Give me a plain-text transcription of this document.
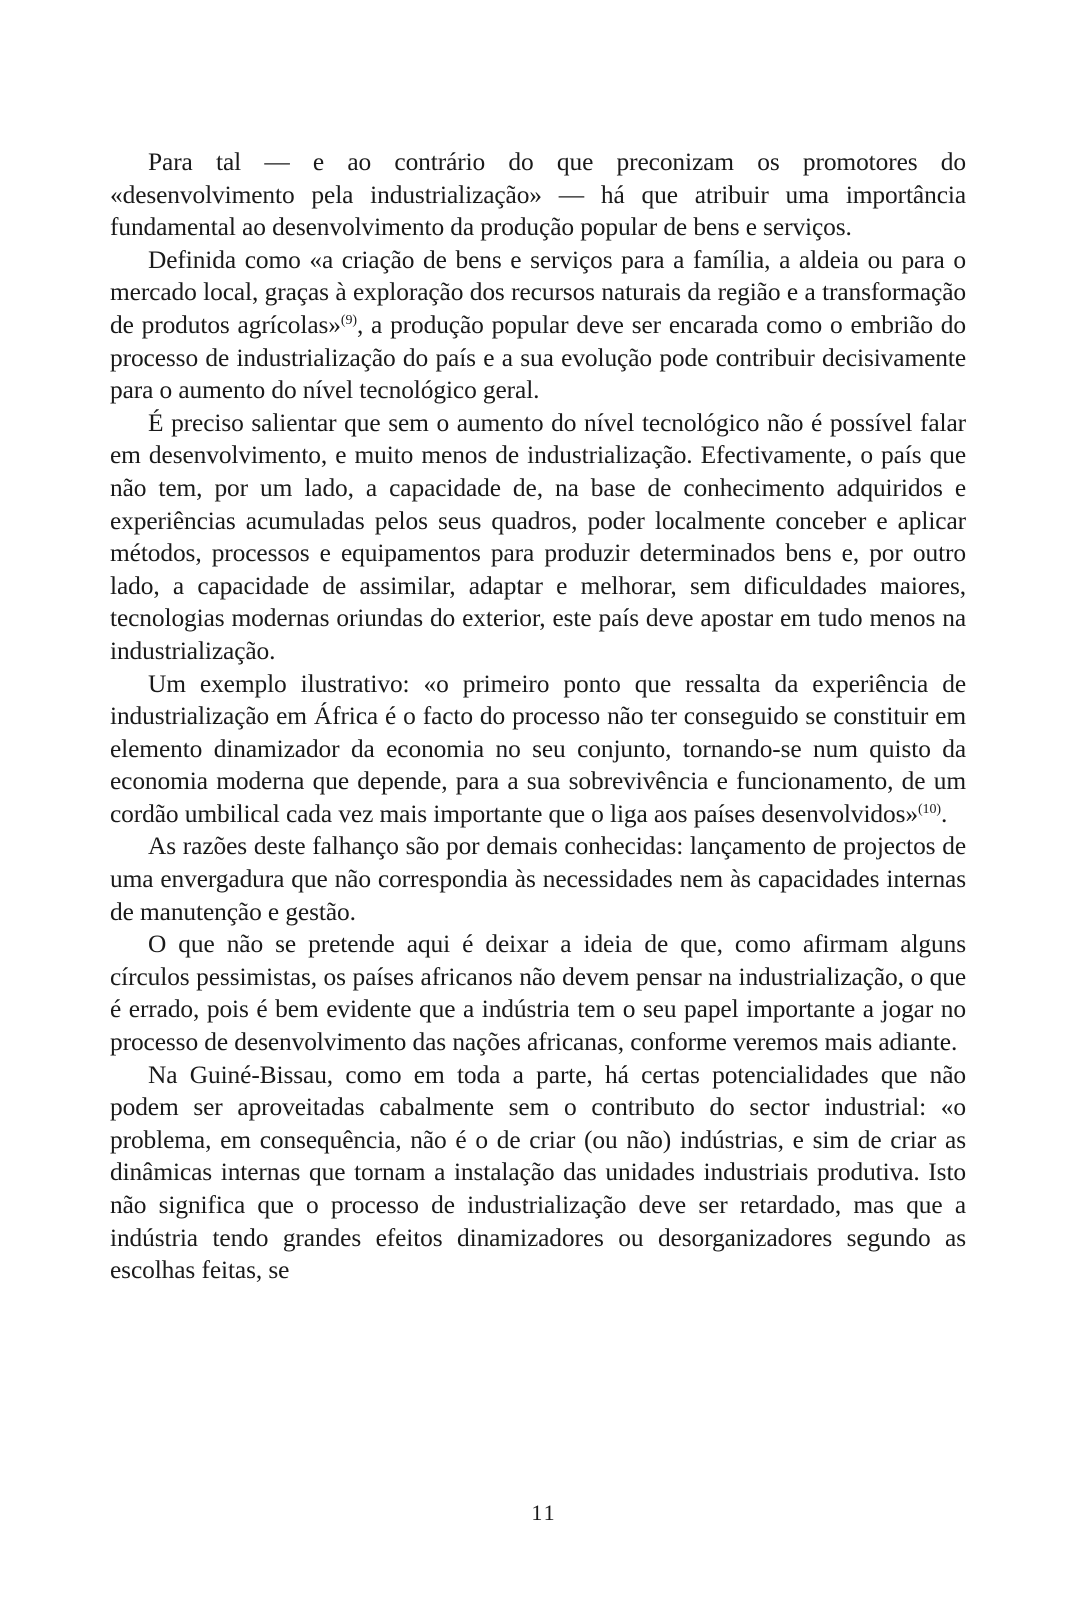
Para tal — e ao contrário do que preconizam os promotores do «desenvolvimento pela industrialização» — há que atribuir uma importância fundamental ao desenvolvimento da produção popular de bens e serviços.

Definida como «a criação de bens e serviços para a família, a aldeia ou para o mercado local, graças à exploração dos recursos naturais da região e a transformação de produtos agrícolas»$^{(9)}$, a produção popular deve ser encarada como o embrião do processo de industrialização do país e a sua evolução pode contribuir decisivamente para o aumento do nível tecnológico geral.

É preciso salientar que sem o aumento do nível tecnológico não é possível falar em desenvolvimento, e muito menos de industrialização. Efectivamente, o país que não tem, por um lado, a capacidade de, na base de conhecimento adquiridos e experiências acumuladas pelos seus quadros, poder localmente conceber e aplicar métodos, processos e equipamentos para produzir determinados bens e, por outro lado, a capacidade de assimilar, adaptar e melhorar, sem dificuldades maiores, tecnologias modernas oriundas do exterior, este país deve apostar em tudo menos na industrialização.

Um exemplo ilustrativo: «o primeiro ponto que ressalta da experiência de industrialização em África é o facto do processo não ter conseguido se constituir em elemento dinamizador da economia no seu conjunto, tornando-se num quisto da economia moderna que depende, para a sua sobrevivência e funcionamento, de um cordão umbilical cada vez mais importante que o liga aos países desenvolvidos»$^{(10)}$.

As razões deste falhanço são por demais conhecidas: lançamento de projectos de uma envergadura que não correspondia às necessidades nem às capacidades internas de manutenção e gestão.

O que não se pretende aqui é deixar a ideia de que, como afirmam alguns círculos pessimistas, os países africanos não devem pensar na industrialização, o que é errado, pois é bem evidente que a indústria tem o seu papel importante a jogar no processo de desenvolvimento das nações africanas, conforme veremos mais adiante.

Na Guiné-Bissau, como em toda a parte, há certas potencialidades que não podem ser aproveitadas cabalmente sem o contributo do sector industrial: «o problema, em consequência, não é o de criar (ou não) indústrias, e sim de criar as dinâmicas internas que tornam a instalação das unidades industriais produtiva. Isto não significa que o processo de industrialização deve ser retardado, mas que a indústria tendo grandes efeitos dinamizadores ou desorganizadores segundo as escolhas feitas, se

11
